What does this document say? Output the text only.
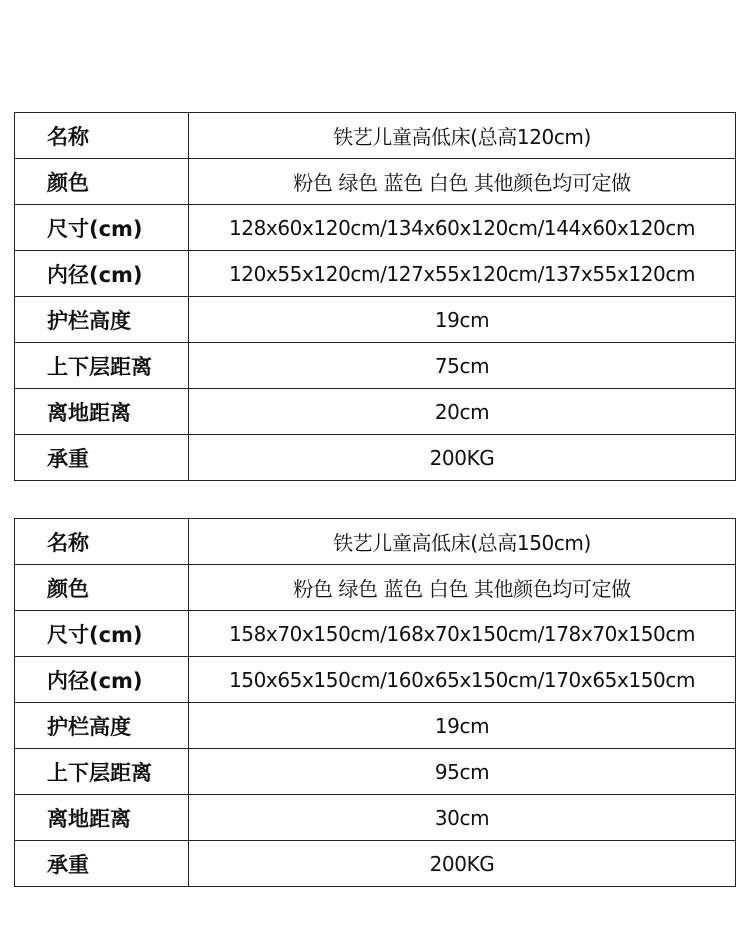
名称	铁艺儿童高低床(总高120cm)
颜色	粉色 绿色 蓝色 白色 其他颜色均可定做
尺寸(cm)	128x60x120cm/134x60x120cm/144x60x120cm
内径(cm)	120x55x120cm/127x55x120cm/137x55x120cm
护栏高度	19cm
上下层距离	75cm
离地距离	20cm
承重	200KG
名称	铁艺儿童高低床(总高150cm)
颜色	粉色 绿色 蓝色 白色 其他颜色均可定做
尺寸(cm)	158x70x150cm/168x70x150cm/178x70x150cm
内径(cm)	150x65x150cm/160x65x150cm/170x65x150cm
护栏高度	19cm
上下层距离	95cm
离地距离	30cm
承重	200KG
